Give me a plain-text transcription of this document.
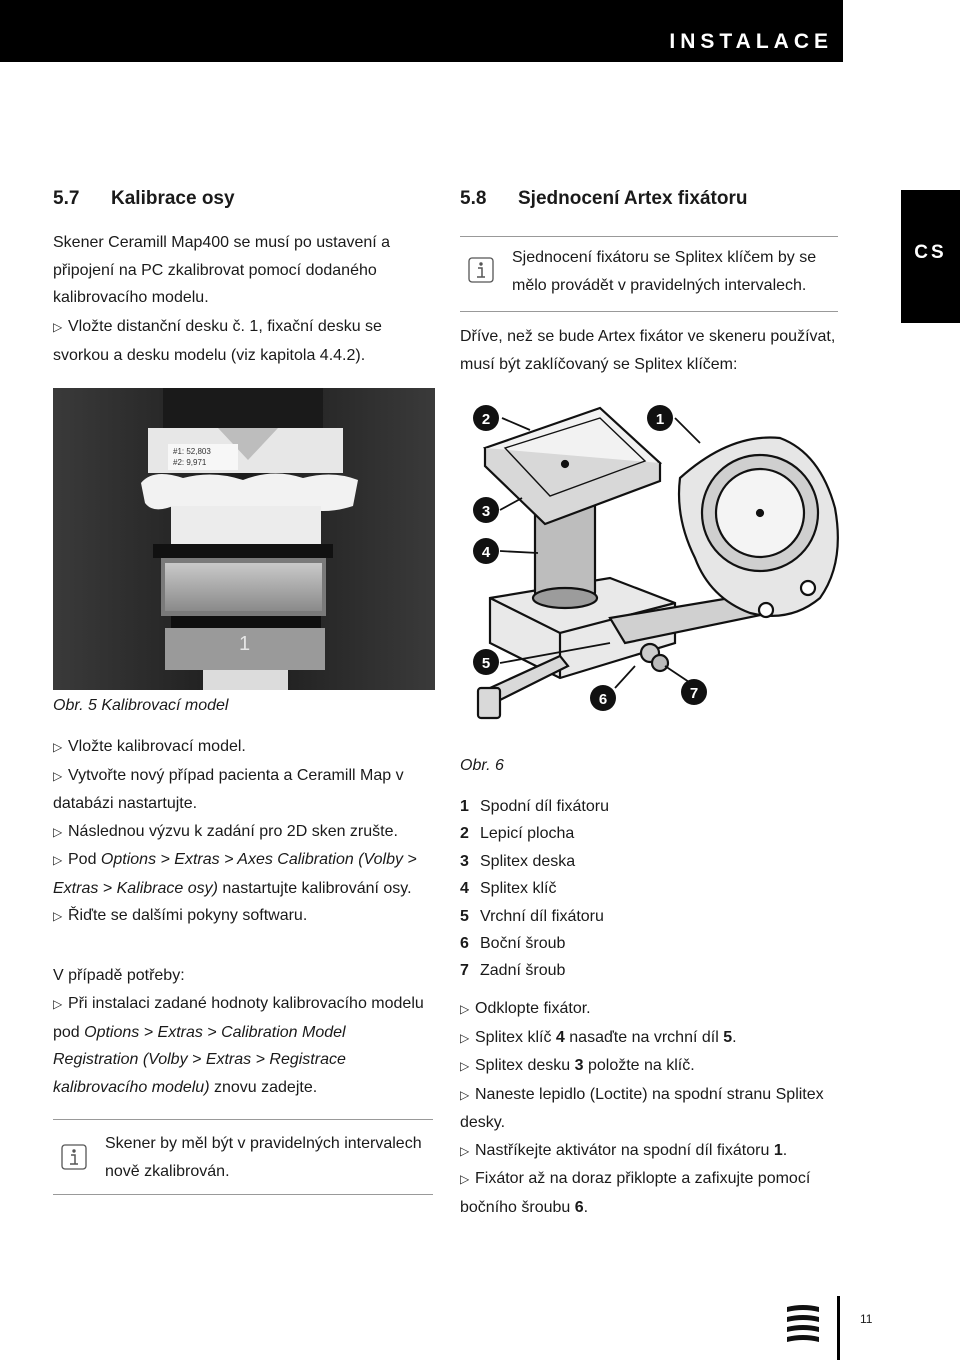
INSTALACE
CS
5.7 Kalibrace osy
Skener Ceramill Map400 se musí po ustavení a připojení na PC zkalibrovat pomocí dodaného kalibrovacího modelu.
▷ Vložte distanční desku č. 1, fixační desku se svorkou a desku modelu (viz kapitola 4.4.2).
#1: 52,803
#2: 9,971
1
Obr. 5 Kalibrovací model
▷ Vložte kalibrovací model.
▷ Vytvořte nový případ pacienta a Ceramill Map v databázi nastartujte.
▷ Následnou výzvu k zadání pro 2D sken zrušte.
▷ Pod Options > Extras > Axes Calibration (Volby > Extras > Kalibrace osy) nastartujte kalibrování osy.
▷ Řiďte se dalšími pokyny softwaru.
V případě potřeby:
▷ Při instalaci zadané hodnoty kalibrovacího modelu pod Options > Extras > Calibration Model Registration (Volby > Extras > Registrace kalibrovacího modelu) znovu zadejte.
Skener by měl být v pravidelných intervalech nově zkalibrován.
5.8 Sjednocení Artex fixátoru
Sjednocení fixátoru se Splitex klíčem by se mělo provádět v pravidelných intervalech.
Dříve, než se bude Artex fixátor ve skeneru používat, musí být zaklíčovaný se Splitex klíčem:
2	1
3
4
5
6	7
Obr. 6
1 Spodní díl fixátoru
2 Lepicí plocha
3 Splitex deska
4 Splitex klíč
5 Vrchní díl fixátoru
6 Boční šroub
7 Zadní šroub
▷ Odklopte fixátor.
▷ Splitex klíč 4 nasaďte na vrchní díl 5.
▷ Splitex desku 3 položte na klíč.
▷ Naneste lepidlo (Loctite) na spodní stranu Splitex desky.
▷ Nastříkejte aktivátor na spodní díl fixátoru 1.
▷ Fixátor až na doraz přiklopte a zafixujte pomocí bočního šroubu 6.
11
